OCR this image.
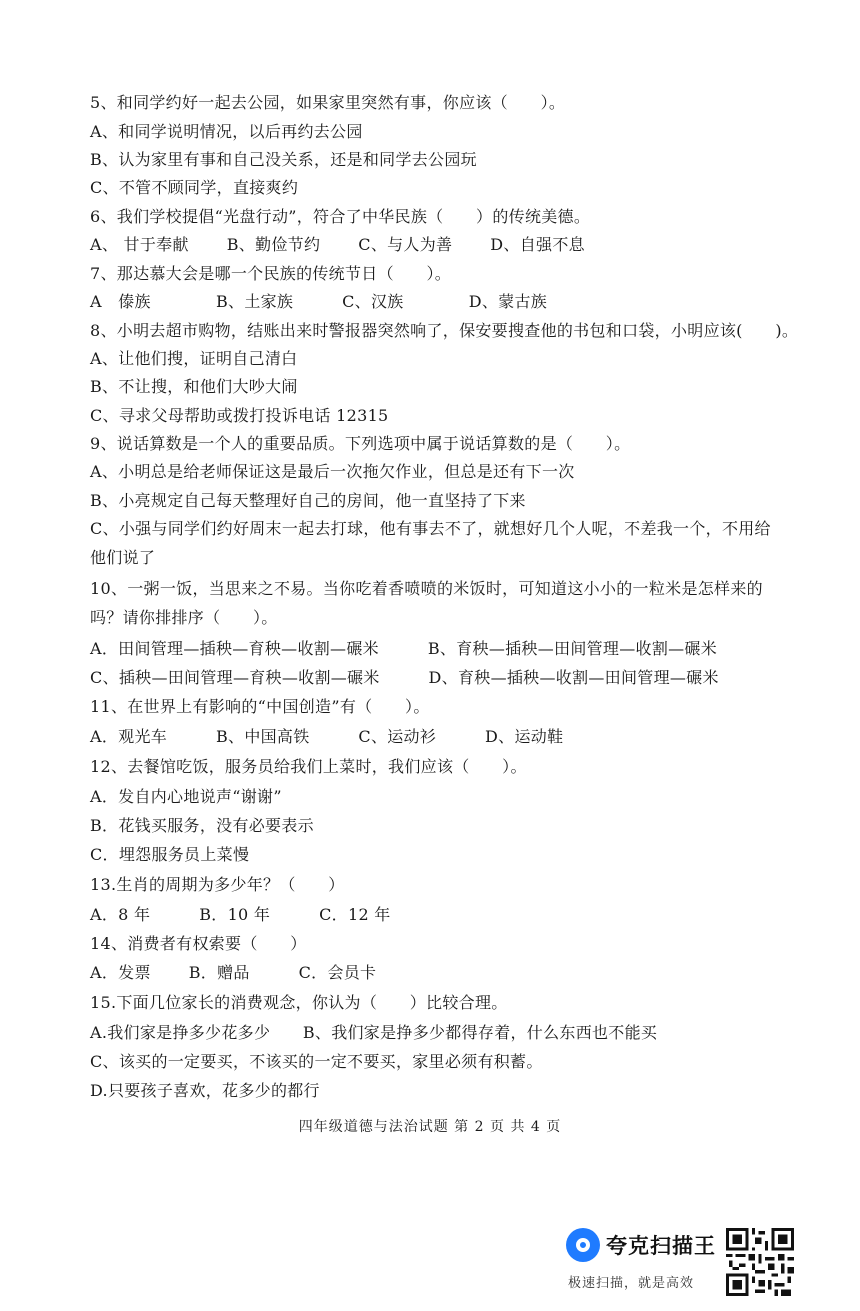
5、和同学约好一起去公园，如果家里突然有事，你应该（　　）。
A、和同学说明情况，以后再约去公园
B、认为家里有事和自己没关系，还是和同学去公园玩
C、不管不顾同学，直接爽约
6、我们学校提倡“光盘行动”，符合了中华民族（　　）的传统美德。
A、 甘于奉献　　 B、勤俭节约　　 C、与人为善　　 D、自强不息
7、那达慕大会是哪一个民族的传统节日（　　）。
A　傣族　　　　B、土家族　　　C、汉族　　　　D、蒙古族
8、小明去超市购物，结账出来时警报器突然响了，保安要搜查他的书包和口袋，小明应该(　　)。
A、让他们搜，证明自己清白
B、不让搜，和他们大吵大闹
C、寻求父母帮助或拨打投诉电话 12315
9、说话算数是一个人的重要品质。下列选项中属于说话算数的是（　　）。
A、小明总是给老师保证这是最后一次拖欠作业，但总是还有下一次
B、小亮规定自己每天整理好自己的房间，他一直坚持了下来
C、小强与同学们约好周末一起去打球，他有事去不了，就想好几个人呢，不差我一个，不用给
他们说了
10、一粥一饭，当思来之不易。当你吃着香喷喷的米饭时，可知道这小小的一粒米是怎样来的
吗？请你排排序（　　）。
A．田间管理—插秧—育秧—收割—碾米　　　B、育秧—插秧—田间管理—收割—碾米
C、插秧—田间管理—育秧—收割—碾米　　　D、育秧—插秧—收割—田间管理—碾米
11、在世界上有影响的“中国创造”有（　　）。
A．观光车　　　B、中国高铁　　　C、运动衫　　　D、运动鞋
12、去餐馆吃饭，服务员给我们上菜时，我们应该（　　）。
A．发自内心地说声“谢谢”
B．花钱买服务，没有必要表示
C．埋怨服务员上菜慢
13.生肖的周期为多少年？（　　）
A．8 年　　　B．10 年　　　C．12 年
14、消费者有权索要（　　）
A．发票　　 B．赠品　　　C．会员卡
15.下面几位家长的消费观念，你认为（　　）比较合理。
A.我们家是挣多少花多少　　B、我们家是挣多少都得存着，什么东西也不能买
C、该买的一定要买，不该买的一定不要买，家里必须有积蓄。
D.只要孩子喜欢，花多少的都行
四年级道德与法治试题 第 2 页 共 4 页
夸克扫描王
极速扫描，就是高效
